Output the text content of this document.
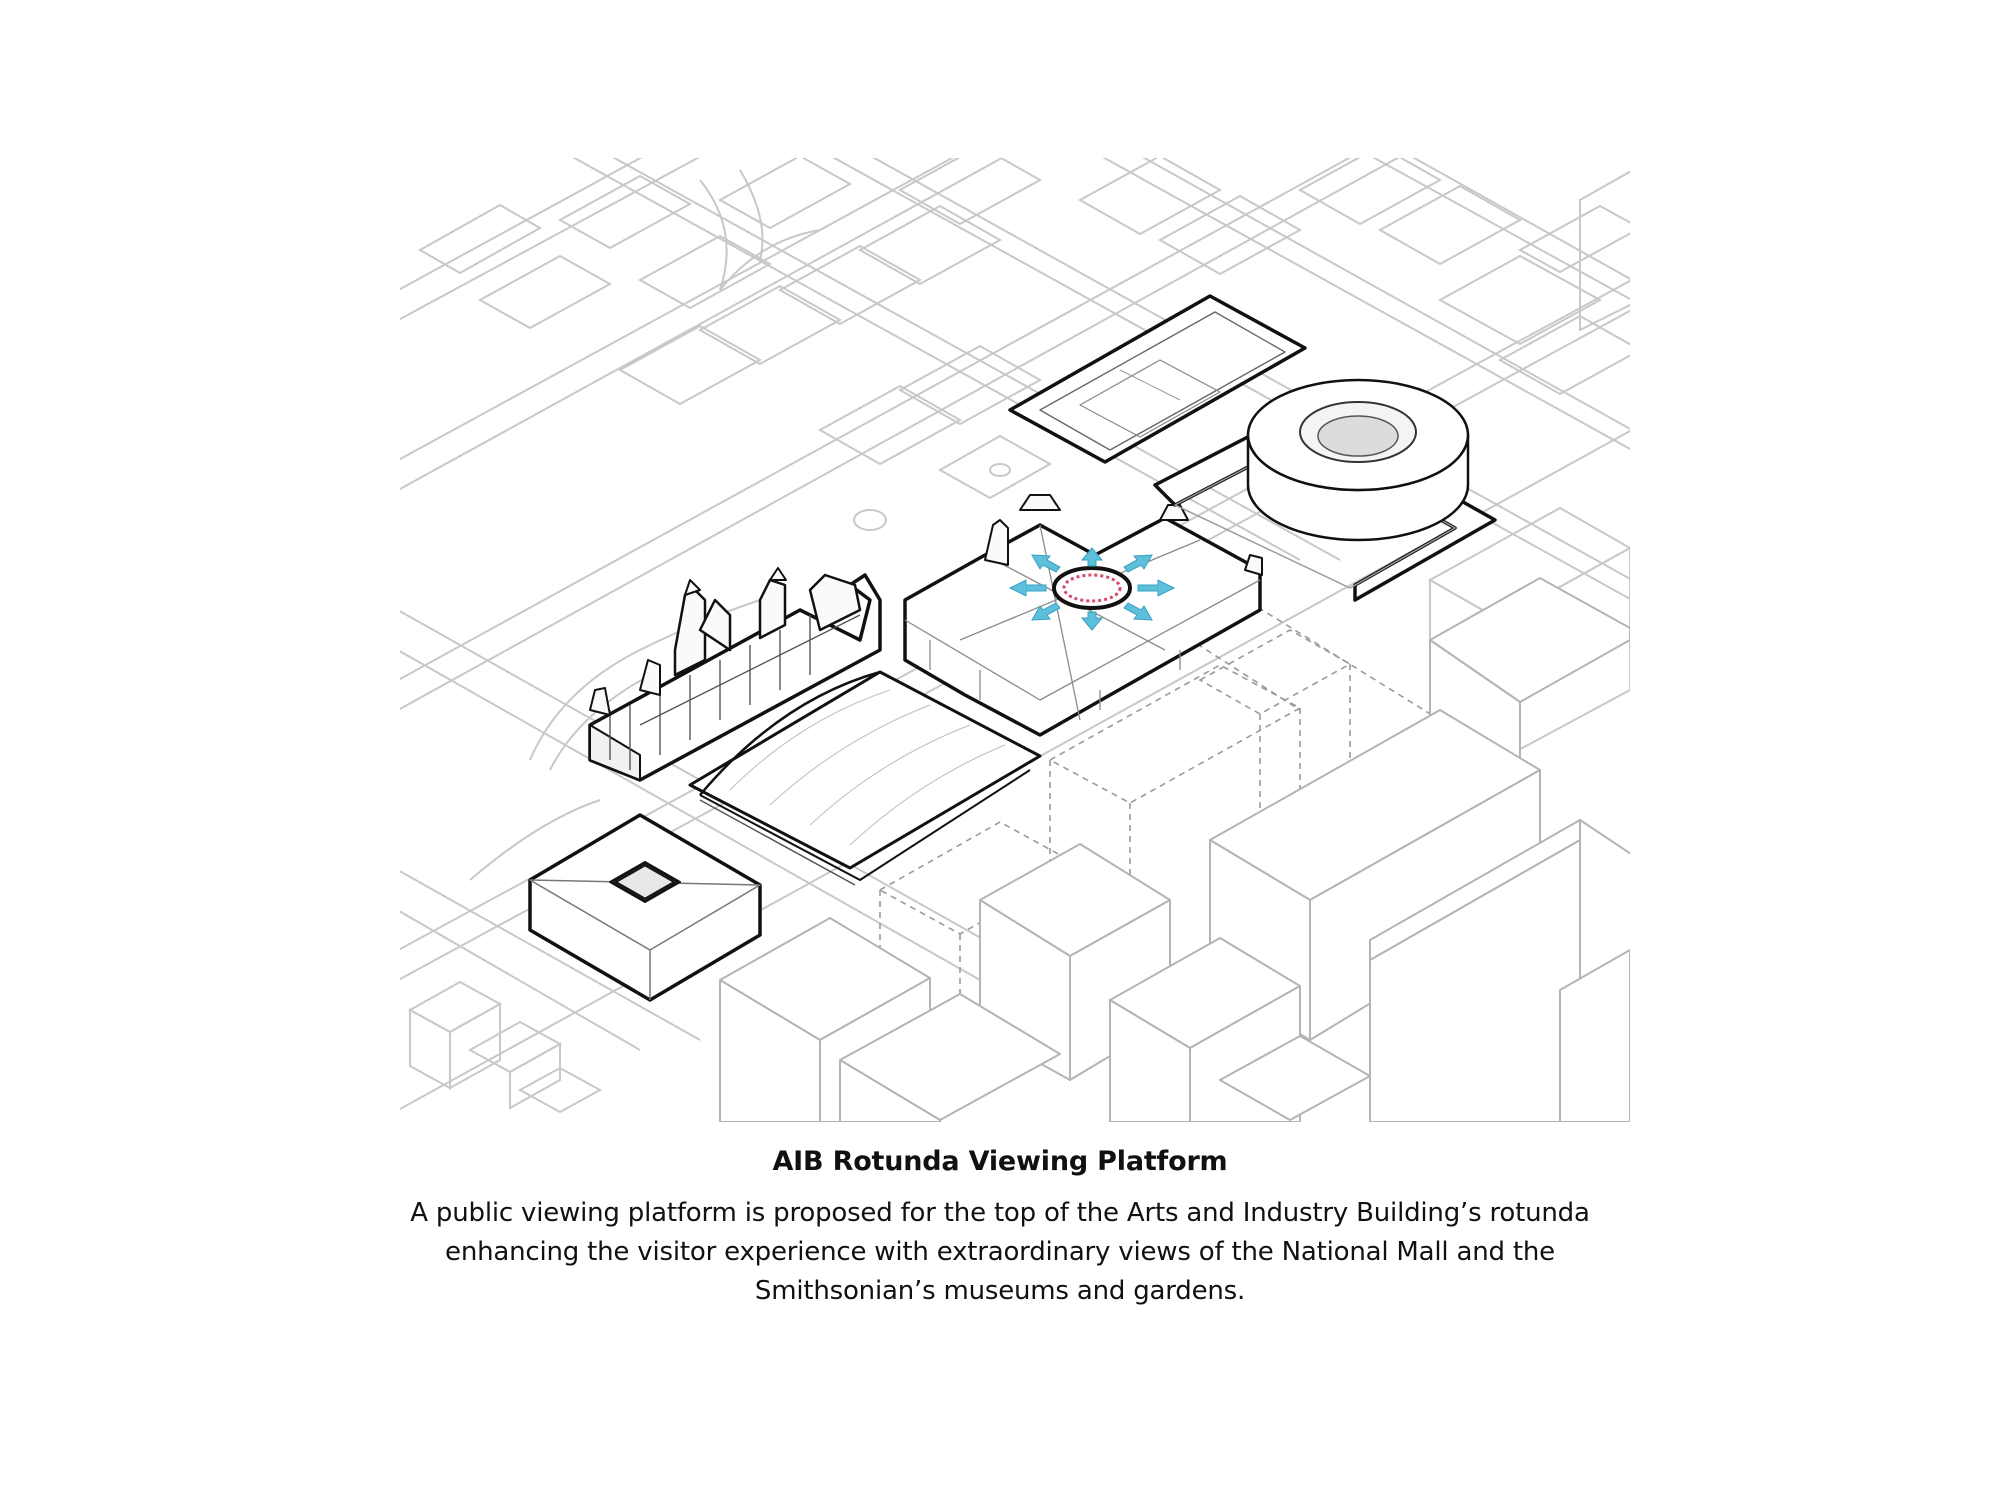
AIB Rotunda Viewing Platform
A public viewing platform is proposed for the top of the Arts and Industry Building’s rotunda
enhancing the visitor experience with extraordinary views of the National Mall and the
Smithsonian’s museums and gardens.
